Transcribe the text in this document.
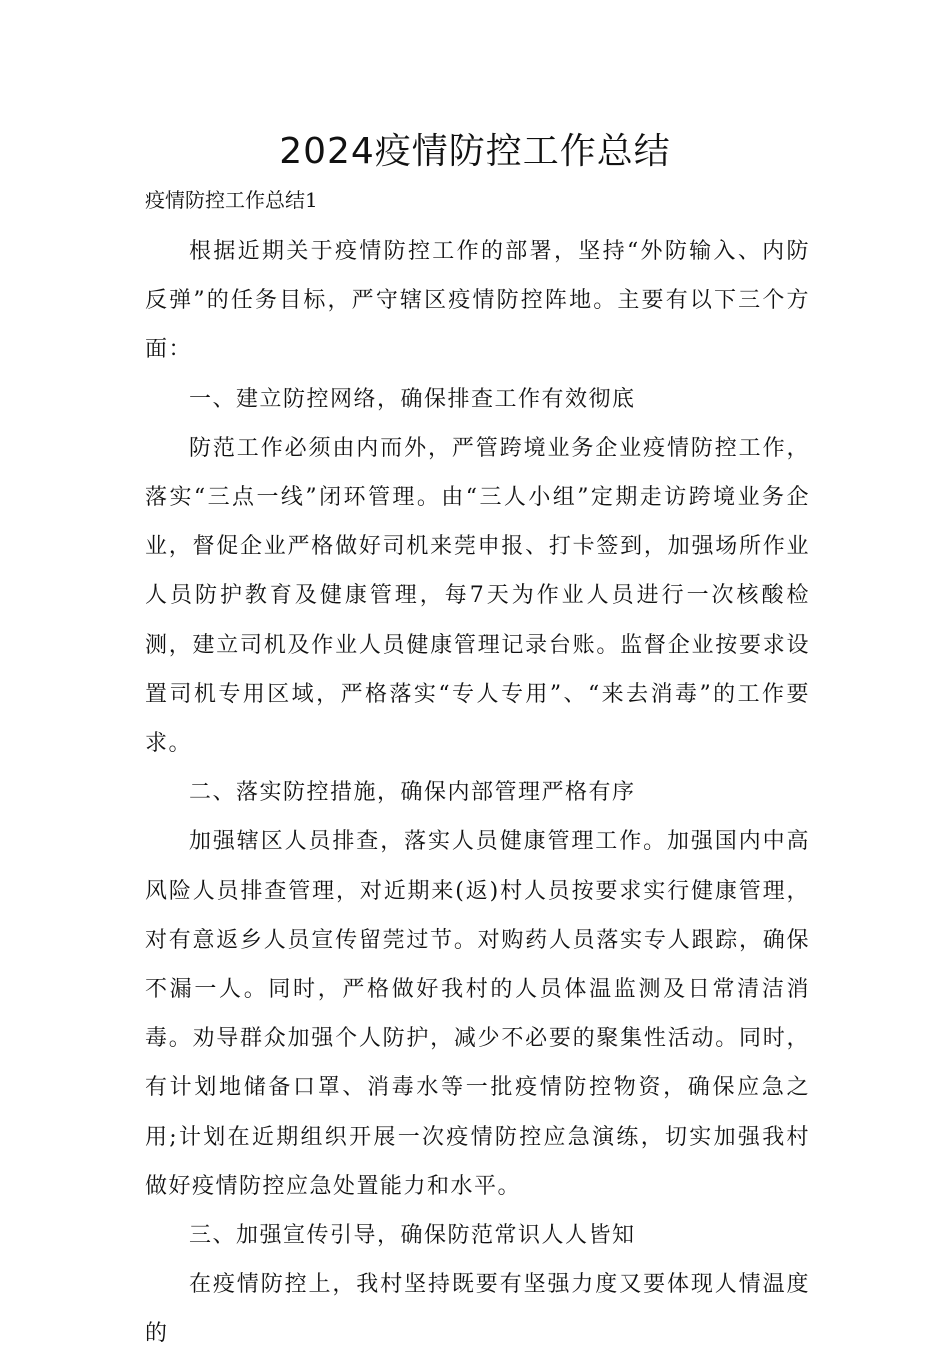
2024疫情防控工作总结
疫情防控工作总结1

根据近期关于疫情防控工作的部署，坚持“外防输入、内防反弹”的任务目标，严守辖区疫情防控阵地。主要有以下三个方面：

一、建立防控网络，确保排查工作有效彻底

防范工作必须由内而外，严管跨境业务企业疫情防控工作，落实“三点一线”闭环管理。由“三人小组”定期走访跨境业务企业，督促企业严格做好司机来莞申报、打卡签到，加强场所作业人员防护教育及健康管理，每7天为作业人员进行一次核酸检测，建立司机及作业人员健康管理记录台账。监督企业按要求设置司机专用区域，严格落实“专人专用”、“来去消毒”的工作要求。

二、落实防控措施，确保内部管理严格有序

加强辖区人员排查，落实人员健康管理工作。加强国内中高风险人员排查管理，对近期来(返)村人员按要求实行健康管理，对有意返乡人员宣传留莞过节。对购药人员落实专人跟踪，确保不漏一人。同时，严格做好我村的人员体温监测及日常清洁消毒。劝导群众加强个人防护，减少不必要的聚集性活动。同时，有计划地储备口罩、消毒水等一批疫情防控物资，确保应急之用;计划在近期组织开展一次疫情防控应急演练，切实加强我村做好疫情防控应急处置能力和水平。

三、加强宣传引导，确保防范常识人人皆知

在疫情防控上，我村坚持既要有坚强力度又要体现人情温度的
